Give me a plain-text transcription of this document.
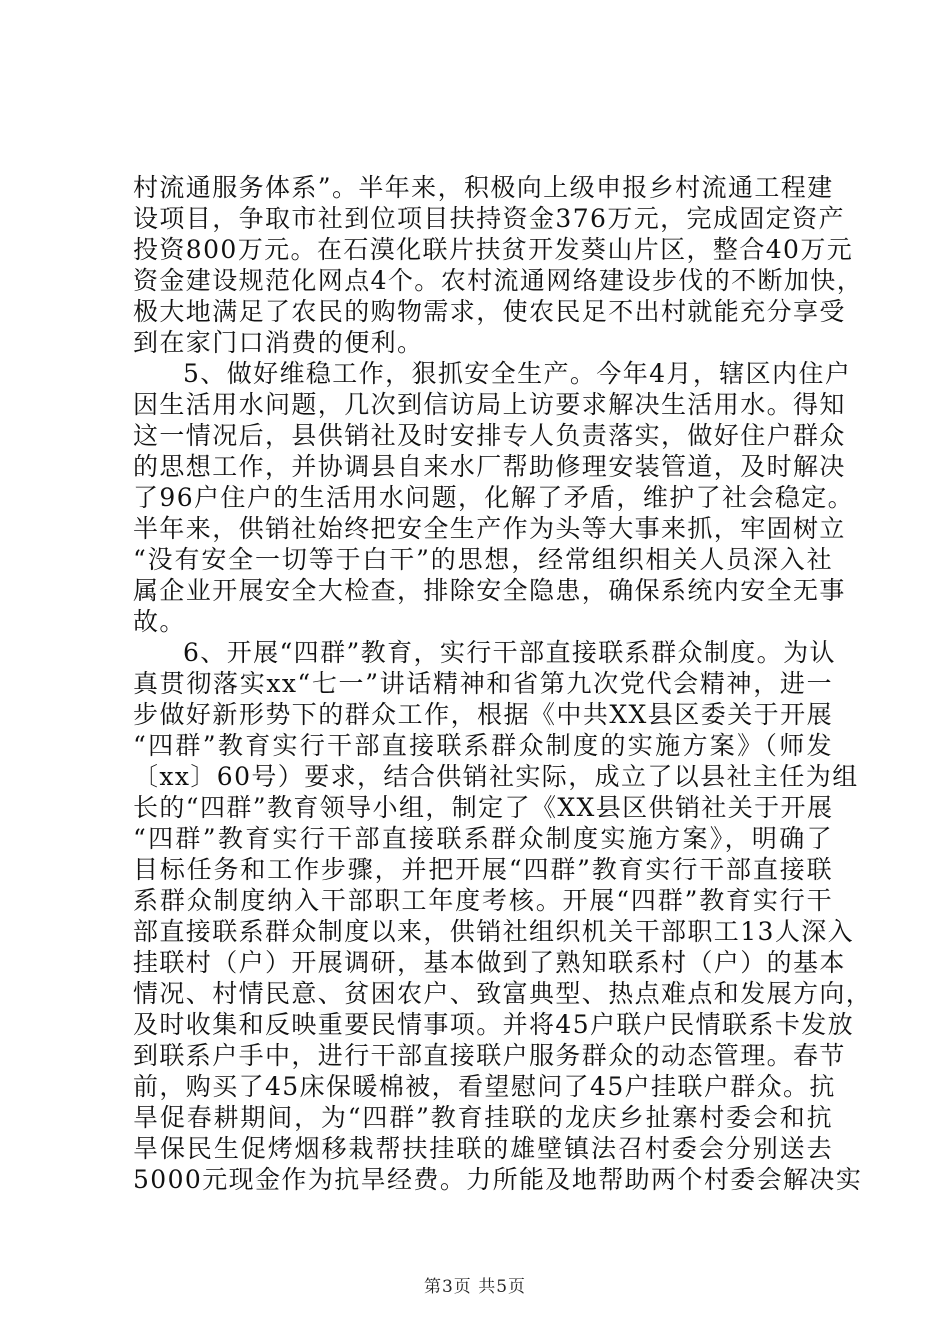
村流通服务体系”。半年来，积极向上级申报乡村流通工程建
设项目，争取市社到位项目扶持资金376万元，完成固定资产
投资800万元。在石漠化联片扶贫开发葵山片区，整合40万元
资金建设规范化网点4个。农村流通网络建设步伐的不断加快，
极大地满足了农民的购物需求，使农民足不出村就能充分享受
到在家门口消费的便利。
5、做好维稳工作，狠抓安全生产。今年4月，辖区内住户
因生活用水问题，几次到信访局上访要求解决生活用水。得知
这一情况后，县供销社及时安排专人负责落实，做好住户群众
的思想工作，并协调县自来水厂帮助修理安装管道，及时解决
了96户住户的生活用水问题，化解了矛盾，维护了社会稳定。
半年来，供销社始终把安全生产作为头等大事来抓，牢固树立
“没有安全一切等于白干”的思想，经常组织相关人员深入社
属企业开展安全大检查，排除安全隐患，确保系统内安全无事
故。
6、开展“四群”教育，实行干部直接联系群众制度。为认
真贯彻落实xx“七一”讲话精神和省第九次党代会精神，进一
步做好新形势下的群众工作，根据《中共XX县区委关于开展
“四群”教育实行干部直接联系群众制度的实施方案》（师发
〔xx〕60号）要求，结合供销社实际，成立了以县社主任为组
长的“四群”教育领导小组，制定了《XX县区供销社关于开展
“四群”教育实行干部直接联系群众制度实施方案》，明确了
目标任务和工作步骤，并把开展“四群”教育实行干部直接联
系群众制度纳入干部职工年度考核。开展“四群”教育实行干
部直接联系群众制度以来，供销社组织机关干部职工13人深入
挂联村（户）开展调研，基本做到了熟知联系村（户）的基本
情况、村情民意、贫困农户、致富典型、热点难点和发展方向，
及时收集和反映重要民情事项。并将45户联户民情联系卡发放
到联系户手中，进行干部直接联户服务群众的动态管理。春节
前，购买了45床保暖棉被，看望慰问了45户挂联户群众。抗
旱促春耕期间，为“四群”教育挂联的龙庆乡扯寨村委会和抗
旱保民生促烤烟移栽帮扶挂联的雄壁镇法召村委会分别送去
5000元现金作为抗旱经费。力所能及地帮助两个村委会解决实
第3页 共5页
